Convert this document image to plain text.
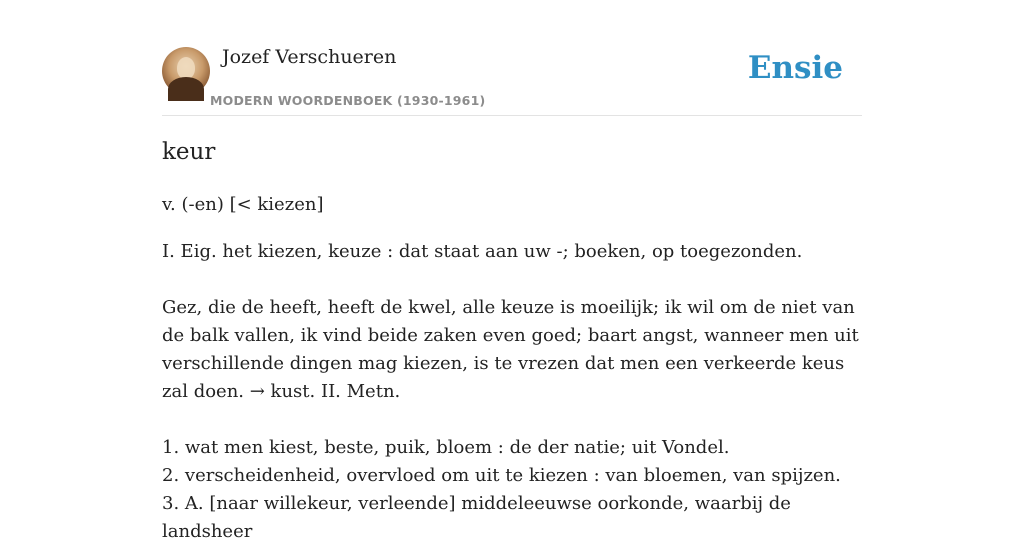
Jozef Verschueren
MODERN WOORDENBOEK (1930-1961)
Ensie
keur
v. (-en) [< kiezen]

I. Eig. het kiezen, keuze : dat staat aan uw -; boeken, op toegezonden.

Gez, die de heeft, heeft de kwel, alle keuze is moeilijk; ik wil om de niet van de balk vallen, ik vind beide zaken even goed; baart angst, wanneer men uit verschillende dingen mag kiezen, is te vrezen dat men een verkeerde keus zal doen. → kust. II. Metn.

1. wat men kiest, beste, puik, bloem : de der natie; uit Vondel.

2. verscheidenheid, overvloed om uit te kiezen : van bloemen, van spijzen.

3. A. [naar willekeur, verleende] middeleeuwse oorkonde, waarbij de landsheer
